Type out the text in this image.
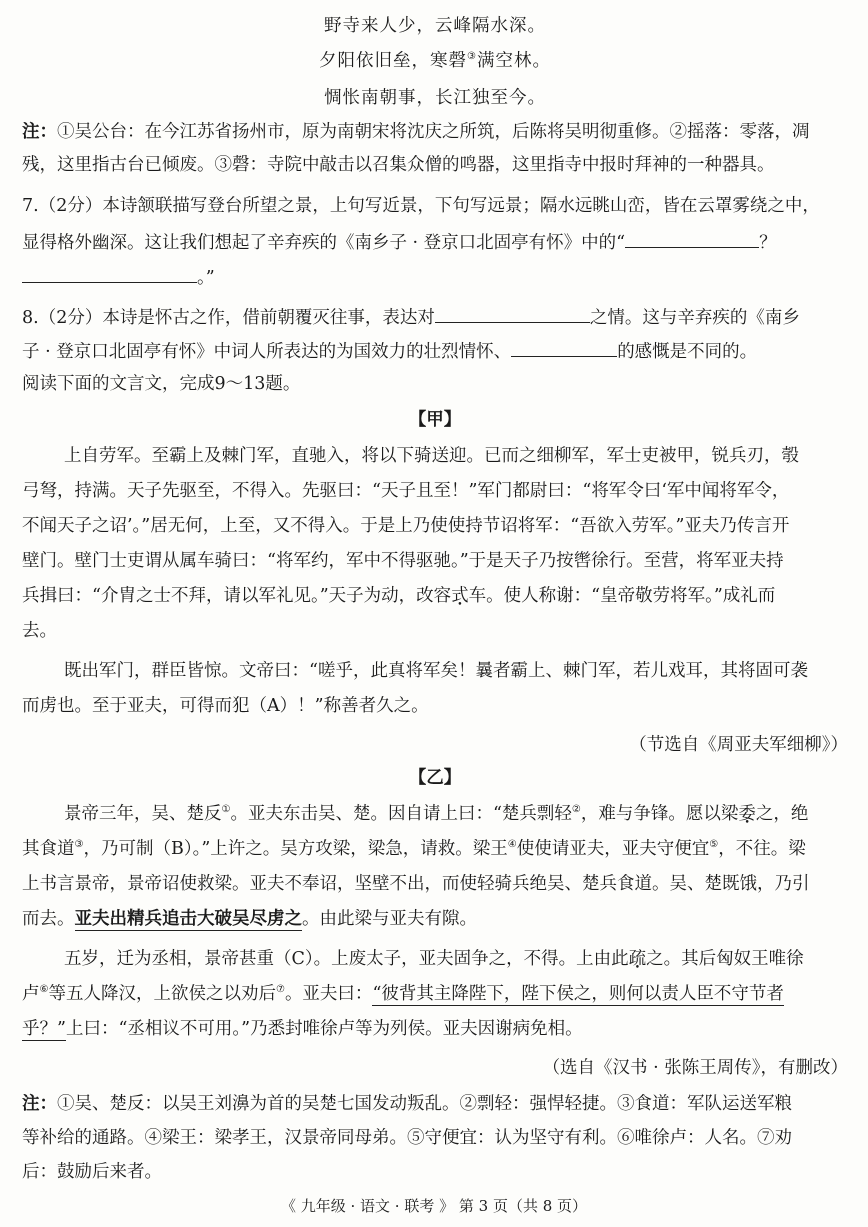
野寺来人少，云峰隔水深。
夕阳依旧垒，寒磬③满空林。
惆怅南朝事，长江独至今。
注：①吴公台：在今江苏省扬州市，原为南朝宋将沈庆之所筑，后陈将吴明彻重修。②摇落：零落，凋
残，这里指古台已倾废。③磬：寺院中敲击以召集众僧的鸣器，这里指寺中报时拜神的一种器具。
7.（2分）本诗颔联描写登台所望之景，上句写近景，下句写远景；隔水远眺山峦，皆在云罩雾绕之中，
显得格外幽深。这让我们想起了辛弃疾的《南乡子 · 登京口北固亭有怀》中的“	？
。”
8.（2分）本诗是怀古之作，借前朝覆灭往事，表达对	之情。这与辛弃疾的《南乡
子 · 登京口北固亭有怀》中词人所表达的为国效力的壮烈情怀、	的感慨是不同的。
阅读下面的文言文，完成9～13题。
【甲】
上自劳军。至霸上及棘门军，直驰入，将以下骑送迎。已而之细柳军，军士吏被甲，锐兵刃，彀
弓弩，持满。天子先驱至，不得入。先驱曰：“天子且至！”军门都尉曰：“将军令曰‘军中闻将军令，
不闻天子之诏’。”居无何，上至，又不得入。于是上乃使使持节诏将军：“吾欲入劳军。”亚夫乃传言开
壁门。壁门士吏谓从属车骑曰：“将军约，军中不得驱驰。”于是天子乃按辔徐行。至营，将军亚夫持
兵揖曰：“介胄之士不拜，请以军礼见。”天子为动，改容式车。使人称谢：“皇帝敬劳将军。”成礼而
去。
既出军门，群臣皆惊。文帝曰：“嗟乎，此真将军矣！曩者霸上、棘门军，若儿戏耳，其将固可袭
而虏也。至于亚夫，可得而犯（A）！”称善者久之。
（节选自《周亚夫军细柳》）
【乙】
景帝三年，吴、楚反①。亚夫东击吴、楚。因自请上曰：“楚兵剽轻②，难与争锋。愿以梁委之，绝
其食道③，乃可制（B）。”上许之。吴方攻梁，梁急，请救。梁王④使使请亚夫，亚夫守便宜⑤，不往。梁
上书言景帝，景帝诏使救梁。亚夫不奉诏，坚壁不出，而使轻骑兵绝吴、楚兵食道。吴、楚既饿，乃引
而去。亚夫出精兵追击大破吴尽虏之。由此梁与亚夫有隙。
五岁，迁为丞相，景帝甚重（C）。上废太子，亚夫固争之，不得。上由此疏之。其后匈奴王唯徐
卢⑥等五人降汉，上欲侯之以劝后⑦。亚夫曰：“彼背其主降陛下，陛下侯之，则何以责人臣不守节者
乎？”上曰：“丞相议不可用。”乃悉封唯徐卢等为列侯。亚夫因谢病免相。
（选自《汉书 · 张陈王周传》，有删改）
注：①吴、楚反：以吴王刘濞为首的吴楚七国发动叛乱。②剽轻：强悍轻捷。③食道：军队运送军粮
等补给的通路。④梁王：梁孝王，汉景帝同母弟。⑤守便宜：认为坚守有利。⑥唯徐卢：人名。⑦劝
后：鼓励后来者。
《 九年级 · 语文 · 联考 》 第 3 页（共 8 页）
